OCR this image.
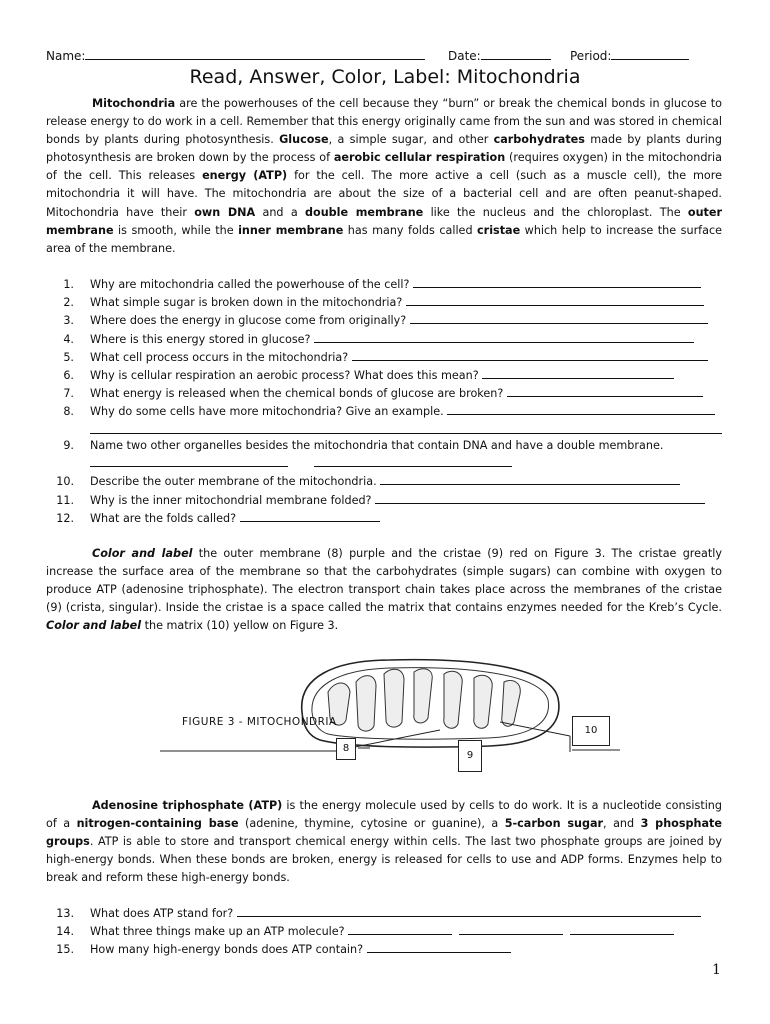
Name:	Date:	Period:
Read, Answer, Color, Label: Mitochondria

Mitochondria are the powerhouses of the cell because they “burn” or break the chemical bonds in glucose to release energy to do work in a cell. Remember that this energy originally came from the sun and was stored in chemical bonds by plants during photosynthesis. Glucose, a simple sugar, and other carbohydrates made by plants during photosynthesis are broken down by the process of aerobic cellular respiration (requires oxygen) in the mitochondria of the cell. This releases energy (ATP) for the cell. The more active a cell (such as a muscle cell), the more mitochondria it will have. The mitochondria are about the size of a bacterial cell and are often peanut-shaped. Mitochondria have their own DNA and a double membrane like the nucleus and the chloroplast. The outer membrane is smooth, while the inner membrane has many folds called cristae which help to increase the surface area of the membrane.

1. Why are mitochondria called the powerhouse of the cell?
2. What simple sugar is broken down in the mitochondria?
3. Where does the energy in glucose come from originally?
4. Where is this energy stored in glucose?
5. What cell process occurs in the mitochondria?
6. Why is cellular respiration an aerobic process? What does this mean?
7. What energy is released when the chemical bonds of glucose are broken?
8. Why do some cells have more mitochondria? Give an example.
9. Name two other organelles besides the mitochondria that contain DNA and have a double membrane.
10. Describe the outer membrane of the mitochondria.
11. Why is the inner mitochondrial membrane folded?
12. What are the folds called?

Color and label the outer membrane (8) purple and the cristae (9) red on Figure 3. The cristae greatly increase the surface area of the membrane so that the carbohydrates (simple sugars) can combine with oxygen to produce ATP (adenosine triphosphate). The electron transport chain takes place across the membranes of the cristae (9) (crista, singular). Inside the cristae is a space called the matrix that contains enzymes needed for the Kreb’s Cycle. Color and label the matrix (10) yellow on Figure 3.

FIGURE 3 - MITOCHONDRIA
8
9
10

Adenosine triphosphate (ATP) is the energy molecule used by cells to do work. It is a nucleotide consisting of a nitrogen-containing base (adenine, thymine, cytosine or guanine), a 5-carbon sugar, and 3 phosphate groups. ATP is able to store and transport chemical energy within cells. The last two phosphate groups are joined by high-energy bonds. When these bonds are broken, energy is released for cells to use and ADP forms. Enzymes help to break and reform these high-energy bonds.

13. What does ATP stand for?
14. What three things make up an ATP molecule?
15. How many high-energy bonds does ATP contain?
1
